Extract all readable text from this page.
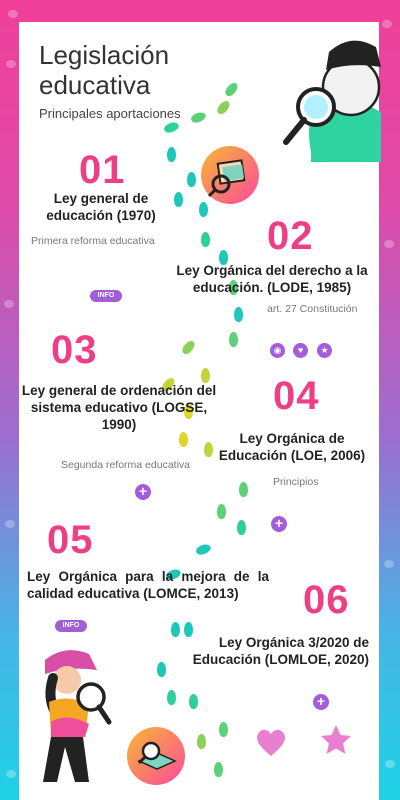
Legislación educativa
Principales aportaciones
01
Ley general de educación (1970)
Primera reforma educativa	02
Ley Orgánica del derecho a la educación. (LODE, 1985)
art. 27 Constitución
INFO
◉	♥	★
03
Ley general de ordenación del sistema educativo (LOGSE, 1990)
Segunda reforma educativa
+
04
Ley Orgánica de Educación (LOE, 2006)
Principios
+
05
Ley Orgánica para la mejora de la calidad educativa (LOMCE, 2013)
INFO
06
Ley Orgánica 3/2020 de Educación (LOMLOE, 2020)
+
